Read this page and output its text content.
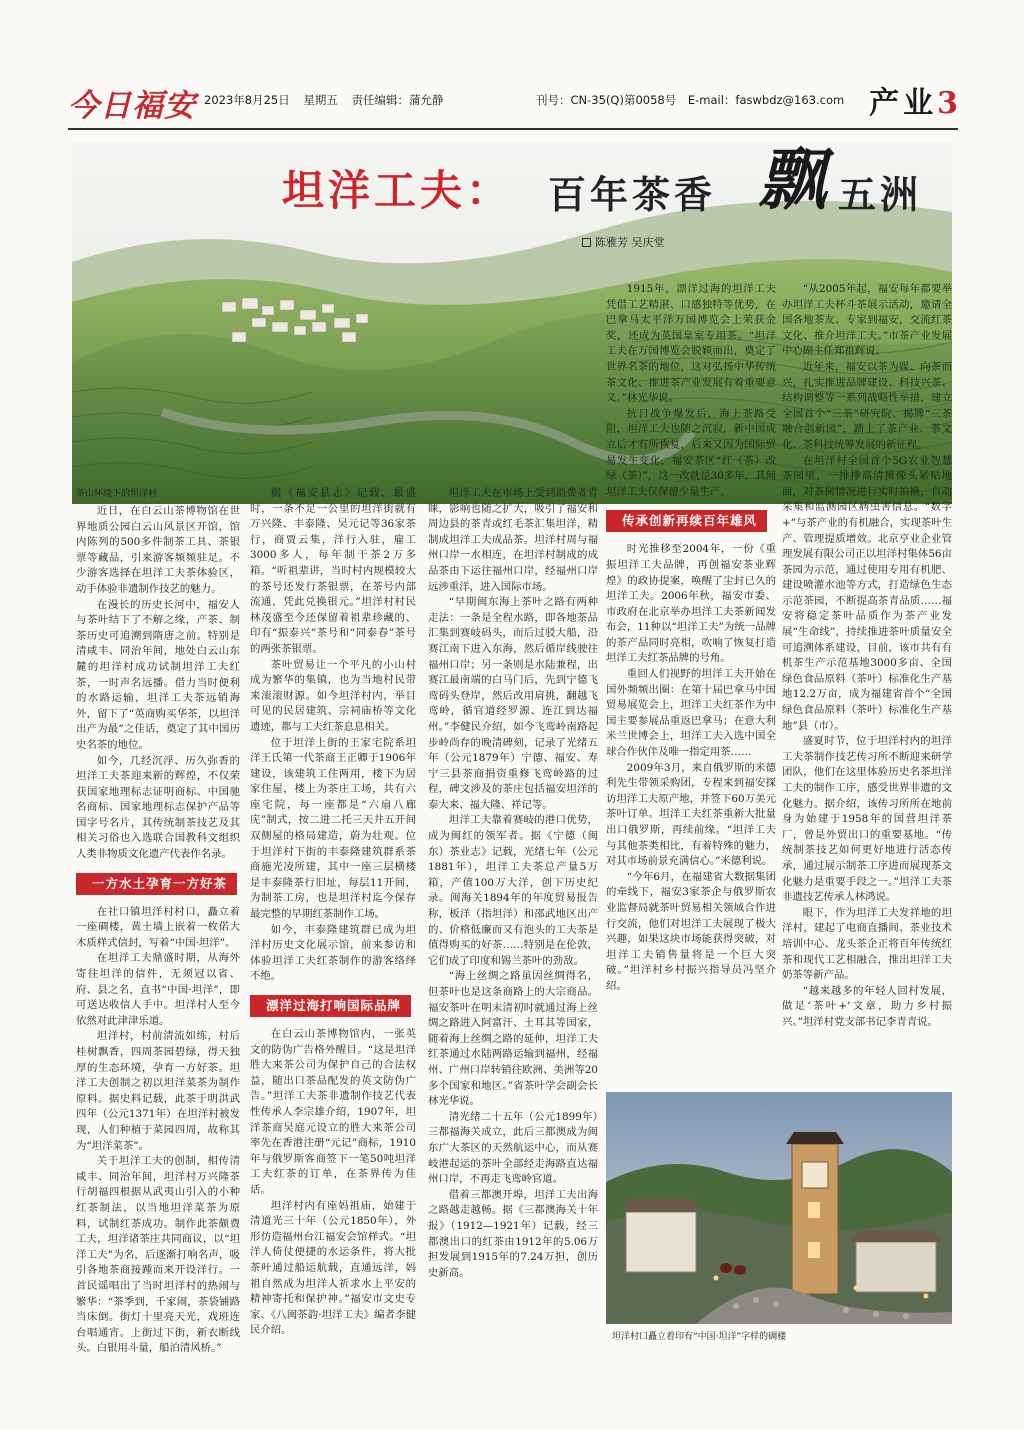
今日福安 2023年8月25日 星期五 责任编辑：蒲允静	刊号：CN-35(Q)第0058号 E-mail：faswbdz@163.com 产业3
坦洋工夫： 百年茶香 飘 五洲
陈雅芳 吴庆堂
茶山环绕下的坦洋村

近日，在白云山茶博物馆在世界地质公园白云山风景区开馆，馆内陈列的500多件制茶工具、茶银票等藏品，引来游客频频驻足。不少游客选择在坦洋工夫茶体验区，动手体验非遗制作技艺的魅力。

在漫长的历史长河中，福安人与茶叶结下了不解之缘，产茶、制茶历史可追溯到隋唐之前。特别是清咸丰、同治年间，地处白云山东麓的坦洋村成功试制坦洋工夫红茶，一时声名远播。借力当时便利的水路运输，坦洋工夫茶远销海外，留下了“英商购买华茶，以坦洋出产为最”之佳话，奠定了其中国历史名茶的地位。

如今，几经沉浮、历久弥香的坦洋工夫茶迎来新的辉煌，不仅荣获国家地理标志证明商标、中国驰名商标、国家地理标志保护产品等国字号名片，其传统制茶技艺及其相关习俗也入选联合国教科文组织人类非物质文化遗产代表作名录。

一方水土孕育一方好茶

在社口镇坦洋村村口，矗立着一座碉楼，黄土墙上嵌着一枚偌大木质样式信封，写着“中国·坦洋”。

在坦洋工夫鼎盛时期，从海外寄往坦洋的信件，无须冠以省、府、县之名，直书“中国·坦洋”，即可送达收信人手中。坦洋村人至今依然对此津津乐道。

坦洋村，村前清流如练，村后桂树飘香，四周茶园碧绿，得天独厚的生态环境，孕育一方好茶。坦洋工夫创制之初以坦洋菜茶为制作原料。据史料记载，此茶于明洪武四年（公元1371年）在坦洋村被发现，人们种植于菜园四周，故称其为“坦洋菜茶”。

关于坦洋工夫的创制，相传清咸丰、同治年间，坦洋村万兴隆茶行胡福四根据从武夷山引入的小种红茶制法，以当地坦洋菜茶为原料，试制红茶成功。制作此茶颇费工夫，坦洋诸茶庄共同商议，以“坦洋工夫”为名，后逐渐打响名声，吸引各地茶商接踵而来开设洋行。一首民谣唱出了当时坦洋村的热闹与繁华：“茶季到，千家闹，茶袋铺路当床倒。街灯十里亮天光，戏班连台唱通宵。上街过下街，新衣断线头。白银用斗量，船泊清风桥。”

据《福安县志》记载，最盛时，一条不足一公里的坦洋街就有万兴隆、丰泰隆、吴元记等36家茶行，商贾云集，洋行入驻，雇工3000多人，每年制干茶2万多箱。“听祖辈讲，当时村内规模较大的茶号还发行茶银票，在茶号内部流通，凭此兑换银元。”坦洋村村民林茂盛至今还保留着祖辈珍藏的、印有“振泰兴”茶号和“同泰春”茶号的两张茶银票。

茶叶贸易让一个平凡的小山村成为繁华的集镇，也为当地村民带来滚滚财源。如今坦洋村内，举目可见的民居建筑、宗祠庙桥等文化遗迹，都与工夫红茶息息相关。

位于坦洋上街的王家宅院系坦洋王氏第一代茶商王正卿于1906年建设，该建筑工住两用，楼下为居家住屋，楼上为茶庄工场，共有六座宅院，每一座都是“六扇八廊庑”制式，按二进二托三天井五开间双侧屋的格局建造，蔚为壮观。位于坦洋村下街的丰泰隆建筑群系茶商施光凌所建，其中一座三层横楼是丰泰隆茶行旧址，每层11开间，为制茶工房，也是坦洋村迄今保存最完整的早期红茶制作工场。

如今，丰泰隆建筑群已成为坦洋村历史文化展示馆，前来参访和体验坦洋工夫红茶制作的游客络绎不绝。

漂洋过海打响国际品牌

在白云山茶博物馆内，一张英文的防伪广告格外醒目。“这是坦洋胜大来茶公司为保护自己的合法权益，随出口茶品配发的英文防伪广告。”坦洋工夫茶非遗制作技艺代表性传承人李宗雄介绍，1907年，坦洋茶商吴庭元设立的胜大来茶公司率先在香港注册“元记”商标，1910年与俄罗斯客商签下一笔50吨坦洋工夫红茶的订单，在茶界传为佳话。

坦洋村内有座妈祖庙，始建于清道光三十年（公元1850年），外形仿造福州台江福安会馆样式。“坦洋人倚仗便捷的水运条件，将大批茶叶通过船运航载，直通远洋，妈祖自然成为坦洋人祈求水上平安的精神寄托和保护神。”福安市文史专家、《八闽茶韵·坦洋工夫》编者李健民介绍。

坦洋工夫在市场上受到消费者青睐，影响也随之扩大，吸引了福安和周边县的茶青或红毛茶汇集坦洋，精制成坦洋工夫成品茶。坦洋村周与福州口岸一水相连，在坦洋村制成的成品茶由下运往福州口岸，经福州口岸远涉重洋，进入国际市场。

“早期闽东海上茶叶之路有两种走法：一条是全程水路，即各地茶品汇集到赛岐码头，而后过驳大船，沿赛江南下进入东海，然后循岸线驶往福州口岸；另一条则是水陆兼程，出赛江最南端的白马门后，先到宁德飞鸾码头登岸，然后改用肩挑，翻越飞鸾岭，循官道经罗源、连江到达福州。”李健民介绍，如今飞鸾岭南路起步岭尚存的晚清碑刻，记录了光绪五年（公元1879年）宁德、福安、寿宁三县茶商捐资重修飞鸾岭路的过程，碑文涉及的茶庄包括福安坦洋的泰大来、福大隆、祥记等。

坦洋工夫靠着赛岐的港口优势，成为闽红的领军者。据《宁德（闽东）茶业志》记载，光绪七年（公元1881年），坦洋工夫茶总产量5万箱，产值100万大洋，创下历史纪录。闽海关1894年的年度贸易报告称，板洋（指坦洋）和邵武地区出产的、价格低廉而又有泡头的工夫茶是值得购买的好茶……特别是在伦敦，它们成了印度和锡兰茶叶的劲敌。

“海上丝绸之路虽因丝绸得名，但茶叶也是这条商路上的大宗商品。福安茶叶在明末清初时就通过海上丝绸之路进入阿富汗、土耳其等国家，随着海上丝绸之路的延伸，坦洋工夫红茶通过水陆两路运输到福州，经福州、广州口岸转销往欧洲、美洲等20多个国家和地区。”省茶叶学会副会长林光华说。

清光绪二十五年（公元1899年）三都福海关成立，此后三都澳成为闽东广大茶区的天然航运中心，而从赛岐港起运的茶叶全部经走海路直达福州口岸，不再走飞鸾岭官道。

借着三都澳开埠，坦洋工夫出海之路越走越畅。据《三都澳海关十年报》（1912—1921年）记载，经三都澳出口的红茶由1912年的5.06万担发展到1915年的7.24万担，创历史新高。

1915年，漂洋过海的坦洋工夫凭借工艺精湛、口感独特等优势，在巴拿马太平洋万国博览会上荣获金奖，还成为英国皇室专用茶。“坦洋工夫在万国博览会脱颖而出，奠定了世界名茶的地位，这对弘扬中华传统茶文化、推进茶产业发展有着重要意义。”林光华说。

抗日战争爆发后，海上茶路受阻，坦洋工夫也随之沉寂，新中国成立后才有所恢复，后来又因为国际贸易发生变化，福安茶区“红（茶）改绿（茶）”，这一改就是30多年，其间坦洋工夫仅保留少量生产。

传承创新再续百年雄风

时光推移至2004年，一份《重振坦洋工夫品牌，再创福安茶业辉煌》的政协提案，唤醒了尘封已久的坦洋工夫。2006年秋，福安市委、市政府在北京举办坦洋工夫茶新闻发布会，11种以“坦洋工夫”为统一品牌的茶产品同时亮相，吹响了恢复打造坦洋工夫红茶品牌的号角。

重回人们视野的坦洋工夫开始在国外频频出圈：在第十届巴拿马中国贸易展览会上，坦洋工夫红茶作为中国主要参展品重返巴拿马；在意大利米兰世博会上，坦洋工夫入选中国全球合作伙伴及唯一指定用茶……

2009年3月，来自俄罗斯的米德利先生带领采购团，专程来到福安探访坦洋工夫原产地，并签下60万美元茶叶订单。坦洋工夫红茶重新大批量出口俄罗斯，再续前缘。“坦洋工夫与其他茶类相比，有着特殊的魅力，对其市场前景充满信心。”米德利说。

“今年6月，在福建省大数据集团的牵线下，福安3家茶企与俄罗斯农业监督局就茶叶贸易相关领域合作进行交流，他们对坦洋工夫展现了极大兴趣，如果这块市场能获得突破，对坦洋工夫销售量将是一个巨大突破。”坦洋村乡村振兴指导员冯坚介绍。

“从2005年起，福安每年都要举办坦洋工夫杯斗茶展示活动，邀请全国各地茶友、专家到福安，交流红茶文化、推介坦洋工夫。”市茶产业发展中心副主任郑祖辉说。

近年来，福安以茶为媒、向茶而兴，扎实推进品牌建设、科技兴茶、结构调整等一系列战略性举措，建立全国首个“三茶”研究院、揭牌“三茶融合创新园”，踏上了茶产业、茶文化、茶科技统筹发展的新征程。

在坦洋村全国首个5G农业智慧茶园里，一排排高清摄像头紧贴地面，对茶树情况进行实时拍摄，自动采集和监测园区病虫害信息。“数字+”与茶产业的有机融合，实现茶叶生产、管理提质增效。北京亨业企业管理发展有限公司正以坦洋村集体56亩茶园为示范，通过使用专用有机肥、建设喷灌水池等方式，打造绿色生态示范茶园，不断提高茶青品质……福安将稳定茶叶品质作为茶产业发展“生命线”，持续推进茶叶质量安全可追溯体系建设，目前，该市共有有机茶生产示范基地3000多亩、全国绿色食品原料（茶叶）标准化生产基地12.2万亩，成为福建省首个“全国绿色食品原料（茶叶）标准化生产基地”县（市）。

盛夏时节，位于坦洋村内的坦洋工夫茶制作技艺传习所不断迎来研学团队，他们在这里体验历史名茶坦洋工夫的制作工序，感受世界非遗的文化魅力。据介绍，该传习所所在地前身为始建于1958年的国营坦洋茶厂，曾是外贸出口的重要基地。“传统制茶技艺如何更好地进行活态传承，通过展示制茶工序进而展现茶文化魅力是重要手段之一。”坦洋工夫茶非遗技艺传承人林鸿说。

眼下，作为坦洋工夫发祥地的坦洋村，建起了电商直播间、茶业技术培训中心、龙头茶企正将百年传统红茶和现代工艺相融合，推出坦洋工夫奶茶等新产品。

“越来越多的年轻人回村发展，做足‘茶叶+’文章，助力乡村振兴。”坦洋村党支部书记李青青说。

坦洋村口矗立着印有“中国·坦洋”字样的碉楼
